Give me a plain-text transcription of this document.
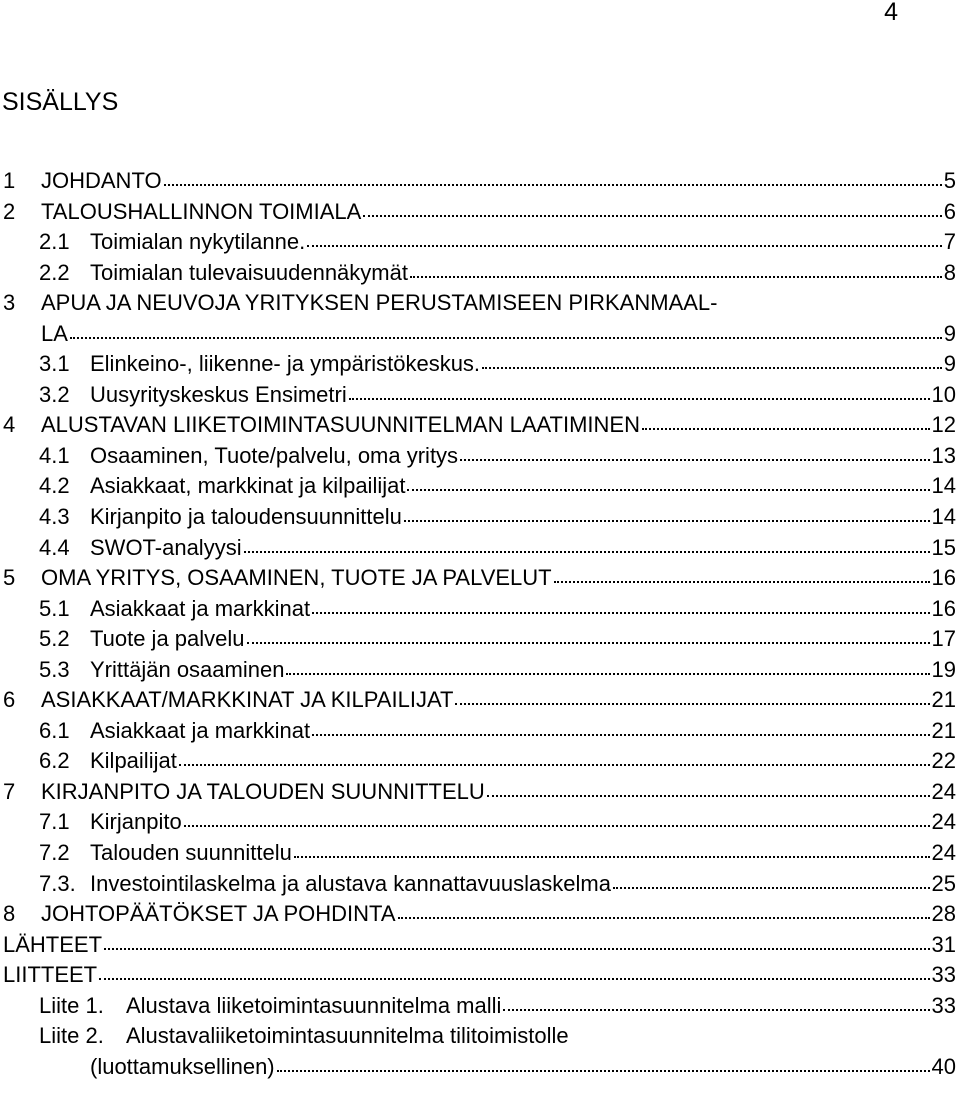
4
SISÄLLYS
1	JOHDANTO	5
2	TALOUSHALLINNON TOIMIALA	6
2.1 Toimialan nykytilanne.	7
2.2 Toimialan tulevaisuudennäkymät	8
3	APUA JA NEUVOJA YRITYKSEN PERUSTAMISEEN PIRKANMAAL-
LA	9
3.1 Elinkeino-, liikenne- ja ympäristökeskus.	9
3.2 Uusyrityskeskus Ensimetri	10
4	ALUSTAVAN LIIKETOIMINTASUUNNITELMAN LAATIMINEN	12
4.1 Osaaminen, Tuote/palvelu, oma yritys	13
4.2 Asiakkaat, markkinat ja kilpailijat	14
4.3 Kirjanpito ja taloudensuunnittelu	14
4.4 SWOT-analyysi	15
5	OMA YRITYS, OSAAMINEN, TUOTE JA PALVELUT	16
5.1 Asiakkaat ja markkinat	16
5.2 Tuote ja palvelu	17
5.3 Yrittäjän osaaminen	19
6	ASIAKKAAT/MARKKINAT JA KILPAILIJAT	21
6.1 Asiakkaat ja markkinat	21
6.2 Kilpailijat	22
7	KIRJANPITO JA TALOUDEN SUUNNITTELU	24
7.1 Kirjanpito	24
7.2 Talouden suunnittelu	24
7.3. Investointilaskelma ja alustava kannattavuuslaskelma	25
8	JOHTOPÄÄTÖKSET JA POHDINTA	28
LÄHTEET	31
LIITTEET	33
Liite 1.	Alustava liiketoimintasuunnitelma malli	33
Liite 2.	Alustavaliiketoimintasuunnitelma tilitoimistolle
(luottamuksellinen)	40
